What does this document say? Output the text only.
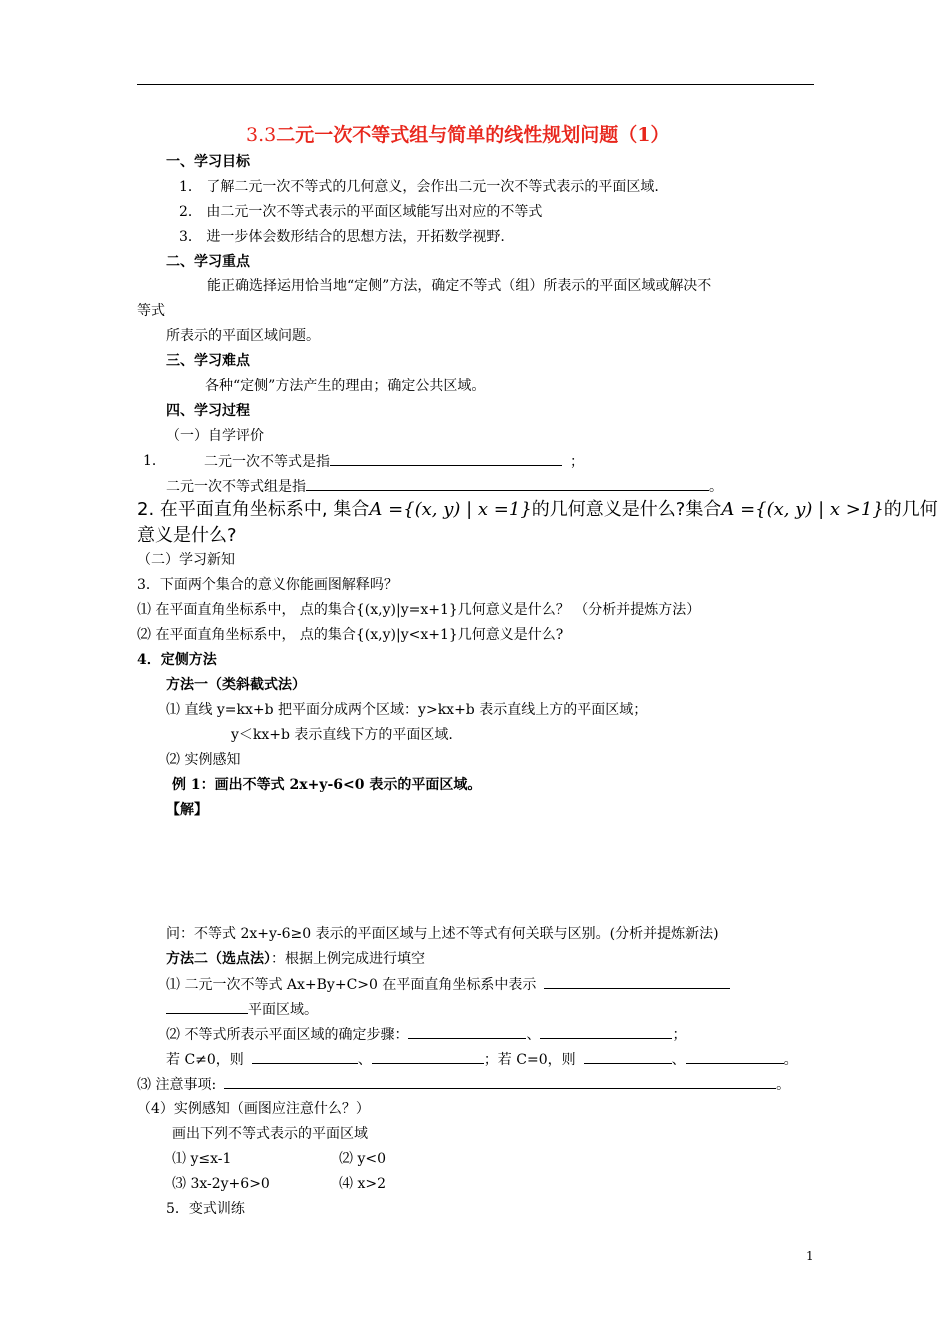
3.3二元一次不等式组与简单的线性规划问题（1）
一、学习目标
1． 了解二元一次不等式的几何意义，会作出二元一次不等式表示的平面区域.
2． 由二元一次不等式表示的平面区域能写出对应的不等式
3． 进一步体会数形结合的思想方法，开拓数学视野.
二、学习重点
能正确选择运用恰当地“定侧”方法，确定不等式（组）所表示的平面区域或解决不
等式
所表示的平面区域问题。
三、学习难点
各种“定侧”方法产生的理由；确定公共区域。
四、学习过程
（一）自学评价
1．	二元一次不等式是指	；
二元一次不等式组是指	。
2. 在平面直角坐标系中, 集合A ={(x, y) | x =1}的几何意义是什么?集合A ={(x, y) | x >1}的几何
意义是什么?
（二）学习新知
3．下面两个集合的意义你能画图解释吗？
⑴ 在平面直角坐标系中， 点的集合{(x,y)|y=x+1}几何意义是什么？ （分析并提炼方法）
⑵ 在平面直角坐标系中， 点的集合{(x,y)|y<x+1}几何意义是什么?
4．定侧方法
方法一（类斜截式法）
⑴ 直线 y=kx+b 把平面分成两个区域：y>kx+b 表示直线上方的平面区域；
y＜kx+b 表示直线下方的平面区域.
⑵ 实例感知
例 1：画出不等式 2x+y-6<0 表示的平面区域。
【解】
问：不等式 2x+y-6≥0 表示的平面区域与上述不等式有何关联与区别。(分析并提炼新法)
方法二（选点法）：根据上例完成进行填空
⑴ 二元一次不等式 Ax+By+C>0 在平面直角坐标系中表示
平面区域。
⑵ 不等式所表示平面区域的确定步骤：	、	；
若 C≠0，则	、	；若 C=0，则	、	。
⑶ 注意事项:	。
（4）实例感知（画图应注意什么？）
画出下列不等式表示的平面区域
⑴ y≤x-1	⑵ y<0
⑶ 3x-2y+6>0	⑷ x>2
5．变式训练
1
